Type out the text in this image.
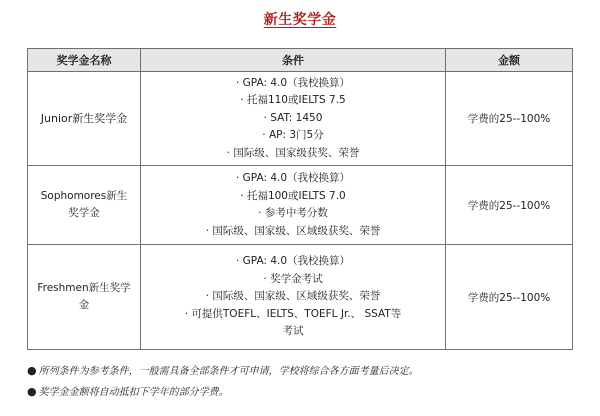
新生奖学金
奖学金名称	条件	金额
Junior新生奖学金	· GPA: 4.0（我校换算）
· 托福110或IELTS 7.5
· SAT: 1450
· AP: 3门5分
· 国际级、国家级获奖、荣誉	学费的25--100%

Sophomores新生
奖学金	· GPA: 4.0（我校换算）
· 托福100或IELTS 7.0
· 参考中考分数
· 国际级、国家级、区域级获奖、荣誉	学费的25--100%

Freshmen新生奖学
金	· GPA: 4.0（我校换算）
· 奖学金考试
· 国际级、国家级、区域级获奖、荣誉
· 可提供TOEFL、IELTS、TOEFL Jr.、 SSAT等
考试	学费的25--100%
● 所列条件为参考条件，一般需具备全部条件才可申请，学校将综合各方面考量后决定。
● 奖学金金额将自动抵扣下学年的部分学费。
